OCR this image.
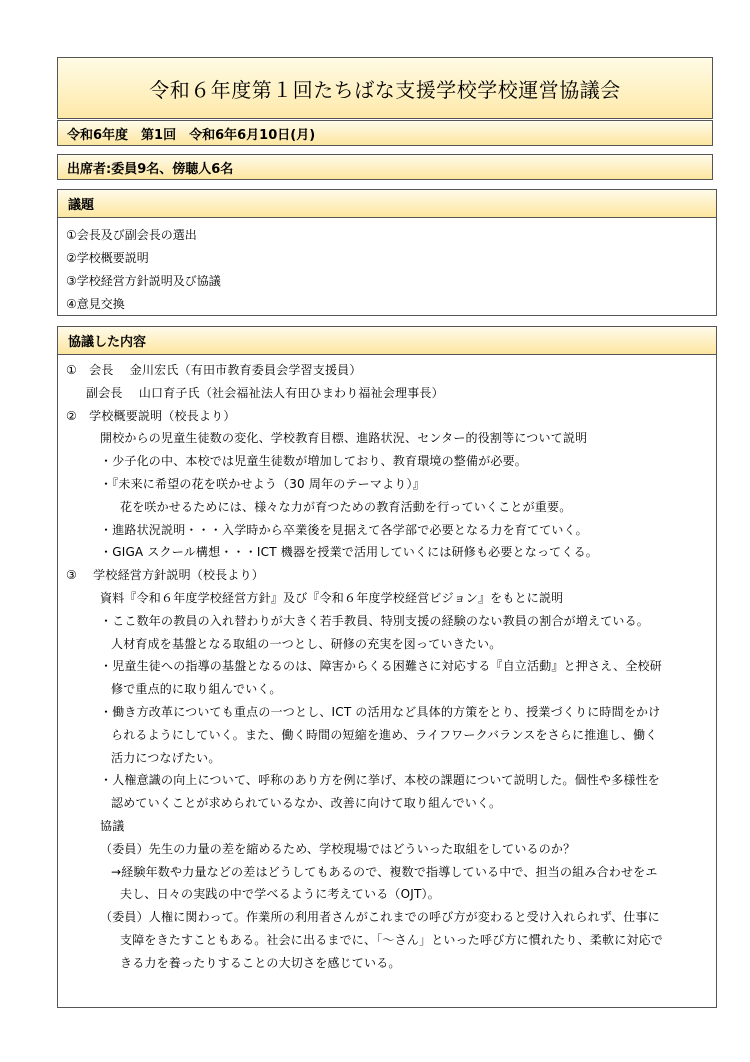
令和６年度第１回たちばな支援学校学校運営協議会
令和6年度　第1回　令和6年6月10日(月)
出席者:委員9名、傍聴人6名
議題
①会長及び副会長の選出
②学校概要説明
③学校経営方針説明及び協議
④意見交換
協議した内容
①　会長　 金川宏氏（有田市教育委員会学習支援員）
副会長　 山口育子氏（社会福祉法人有田ひまわり福祉会理事長）
②　学校概要説明（校長より）
開校からの児童生徒数の変化、学校教育目標、進路状況、センター的役割等について説明
・少子化の中、本校では児童生徒数が増加しており、教育環境の整備が必要。
・『未来に希望の花を咲かせよう（30 周年のテーマより）』
花を咲かせるためには、様々な力が育つための教育活動を行っていくことが重要。
・進路状況説明・・・入学時から卒業後を見据えて各学部で必要となる力を育てていく。
・GIGA スクール構想・・・ICT 機器を授業で活用していくには研修も必要となってくる。
③　 学校経営方針説明（校長より）
資料『令和６年度学校経営方針』及び『令和６年度学校経営ビジョン』をもとに説明
・ここ数年の教員の入れ替わりが大きく若手教員、特別支援の経験のない教員の割合が増えている。
人材育成を基盤となる取組の一つとし、研修の充実を図っていきたい。
・児童生徒への指導の基盤となるのは、障害からくる困難さに対応する『自立活動』と押さえ、全校研
修で重点的に取り組んでいく。
・働き方改革についても重点の一つとし、ICT の活用など具体的方策をとり、授業づくりに時間をかけ
られるようにしていく。また、働く時間の短縮を進め、ライフワークバランスをさらに推進し、働く
活力につなげたい。
・人権意識の向上について、呼称のあり方を例に挙げ、本校の課題について説明した。個性や多様性を
認めていくことが求められているなか、改善に向けて取り組んでいく。
協議
（委員）先生の力量の差を縮めるため、学校現場ではどういった取組をしているのか？
→経験年数や力量などの差はどうしてもあるので、複数で指導している中で、担当の組み合わせをエ
夫し、日々の実践の中で学べるように考えている（OJT）。
（委員）人権に関わって。作業所の利用者さんがこれまでの呼び方が変わると受け入れられず、仕事に
支障をきたすこともある。社会に出るまでに、「～さん」といった呼び方に慣れたり、柔軟に対応で
きる力を養ったりすることの大切さを感じている。
